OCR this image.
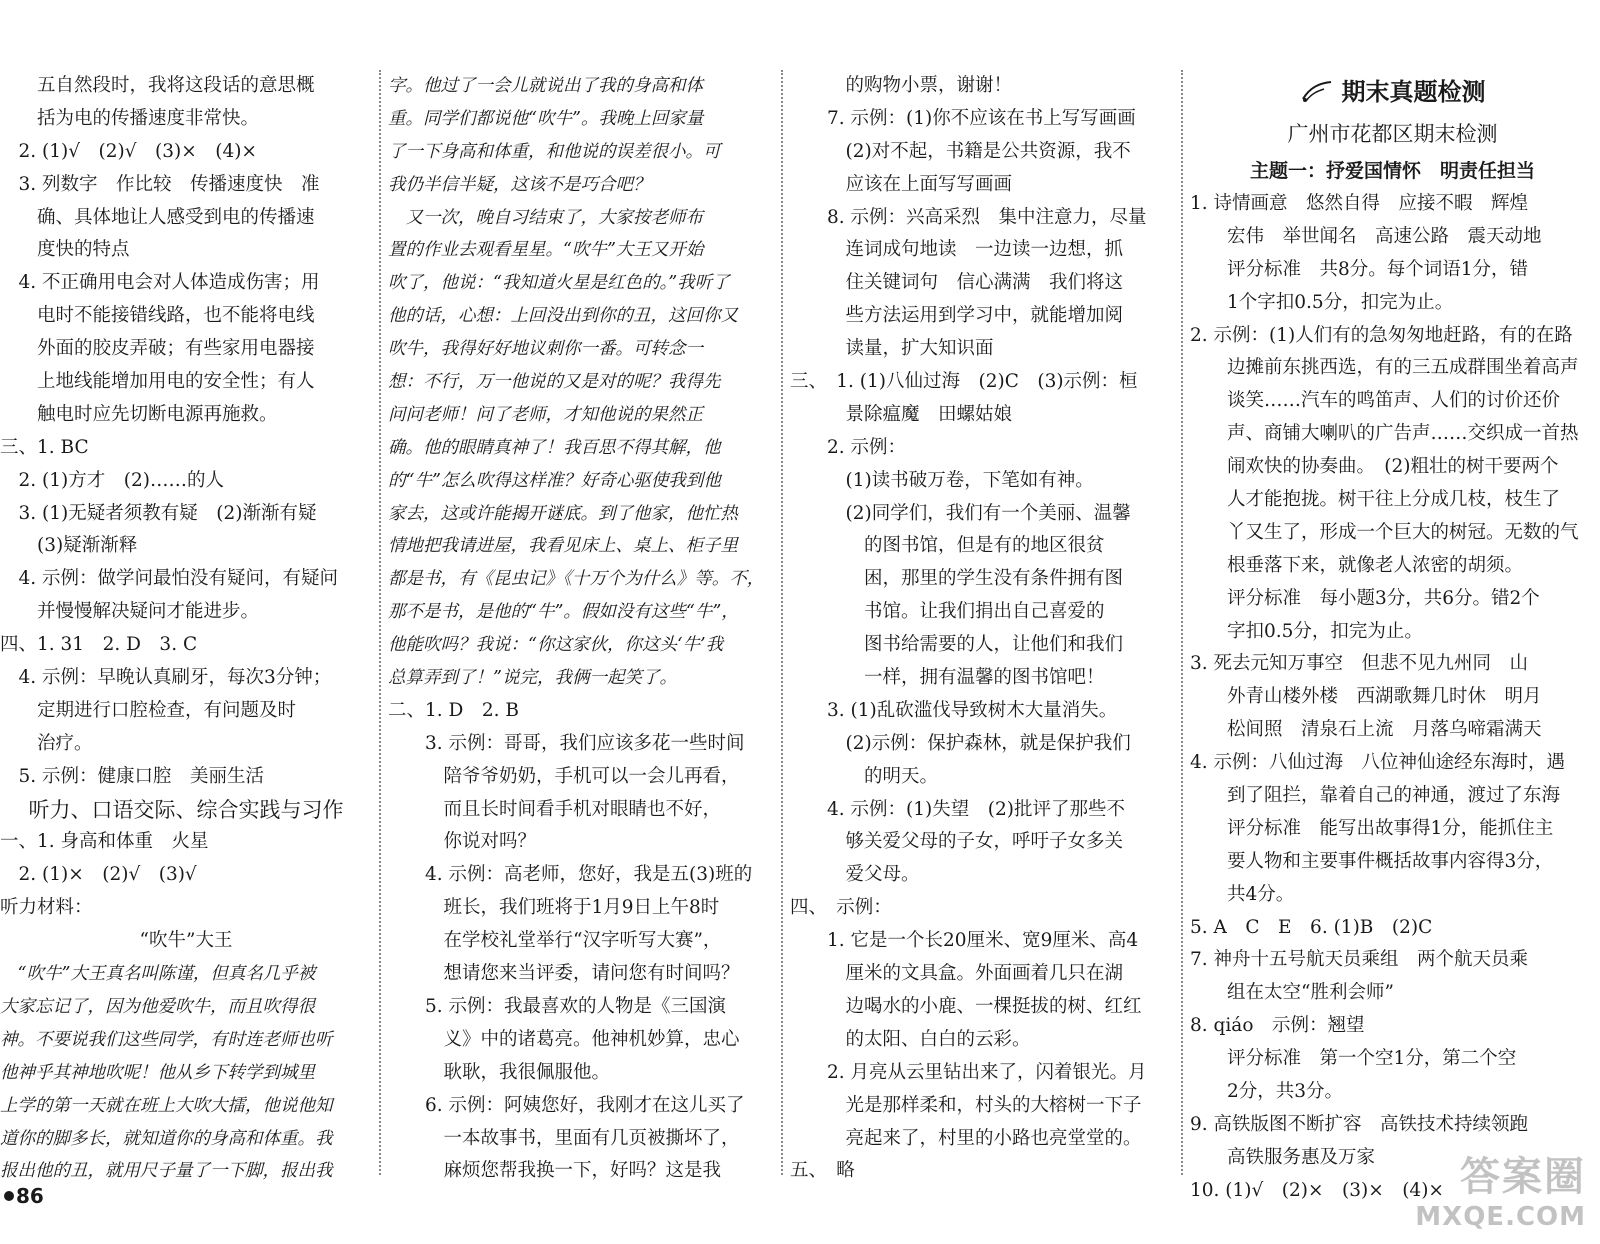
　　五自然段时，我将这段话的意思概
　　括为电的传播速度非常快。
　2. (1)√　(2)√　(3)×　(4)×
　3. 列数字　作比较　传播速度快　准
　　确、具体地让人感受到电的传播速
　　度快的特点
　4. 不正确用电会对人体造成伤害；用
　　电时不能接错线路，也不能将电线
　　外面的胶皮弄破；有些家用电器接
　　上地线能增加用电的安全性；有人
　　触电时应先切断电源再施救。
三、1. BC
　2. (1)方才　(2)……的人
　3. (1)无疑者须教有疑　(2)渐渐有疑
　　(3)疑渐渐释
　4. 示例：做学问最怕没有疑问，有疑问
　　并慢慢解决疑问才能进步。
四、1. 31　2. D　3. C
　4. 示例：早晚认真刷牙，每次3分钟；
　　定期进行口腔检查，有问题及时
　　治疗。
　5. 示例：健康口腔　美丽生活
听力、口语交际、综合实践与习作
一、1. 身高和体重　火星
　2. (1)×　(2)√　(3)√
听力材料：
“吹牛”大王
　“吹牛”大王真名叫陈谨，但真名几乎被
大家忘记了，因为他爱吹牛，而且吹得很
神。不要说我们这些同学，有时连老师也听
他神乎其神地吹呢！他从乡下转学到城里
上学的第一天就在班上大吹大擂，他说他知
道你的脚多长，就知道你的身高和体重。我
报出他的丑，就用尺子量了一下脚，报出我
字。他过了一会儿就说出了我的身高和体
重。同学们都说他“吹牛”。我晚上回家量
了一下身高和体重，和他说的误差很小。可
我仍半信半疑，这该不是巧合吧？
　又一次，晚自习结束了，大家按老师布
置的作业去观看星星。“吹牛”大王又开始
吹了，他说：“我知道火星是红色的。”我听了
他的话，心想：上回没出到你的丑，这回你又
吹牛，我得好好地议刺你一番。可转念一
想：不行，万一他说的又是对的呢？我得先
问问老师！问了老师，才知他说的果然正
确。他的眼睛真神了！我百思不得其解，他
的“牛”怎么吹得这样准？好奇心驱使我到他
家去，这或许能揭开谜底。到了他家，他忙热
情地把我请进屋，我看见床上、桌上、柜子里
都是书，有《昆虫记》《十万个为什么》等。不，
那不是书，是他的“牛”。假如没有这些“牛”，
他能吹吗？我说：“你这家伙，你这头‘牛’我
总算弄到了！”说完，我俩一起笑了。
二、1. D　2. B
　　3. 示例：哥哥，我们应该多花一些时间
　　　陪爷爷奶奶，手机可以一会儿再看，
　　　而且长时间看手机对眼睛也不好，
　　　你说对吗？
　　4. 示例：高老师，您好，我是五(3)班的
　　　班长，我们班将于1月9日上午8时
　　　在学校礼堂举行“汉字听写大赛”，
　　　想请您来当评委，请问您有时间吗？
　　5. 示例：我最喜欢的人物是《三国演
　　　义》中的诸葛亮。他神机妙算，忠心
　　　耿耿，我很佩服他。
　　6. 示例：阿姨您好，我刚才在这儿买了
　　　一本故事书，里面有几页被撕坏了，
　　　麻烦您帮我换一下，好吗？这是我
　　　的购物小票，谢谢！
　　7. 示例：(1)你不应该在书上写写画画
　　　(2)对不起，书籍是公共资源，我不
　　　应该在上面写写画画
　　8. 示例：兴高采烈　集中注意力，尽量
　　　连词成句地读　一边读一边想，抓
　　　住关键词句　信心满满　我们将这
　　　些方法运用到学习中，就能增加阅
　　　读量，扩大知识面
三、　1. (1)八仙过海　(2)C　(3)示例：桓
　　　景除瘟魔　田螺姑娘
　　2. 示例：
　　　(1)读书破万卷，下笔如有神。
　　　(2)同学们，我们有一个美丽、温馨
　　　　的图书馆，但是有的地区很贫
　　　　困，那里的学生没有条件拥有图
　　　　书馆。让我们捐出自己喜爱的
　　　　图书给需要的人，让他们和我们
　　　　一样，拥有温馨的图书馆吧！
　　3. (1)乱砍滥伐导致树木大量消失。
　　　(2)示例：保护森林，就是保护我们
　　　　的明天。
　　4. 示例：(1)失望　(2)批评了那些不
　　　够关爱父母的子女，呼吁子女多关
　　　爱父母。
四、　示例：
　　1. 它是一个长20厘米、宽9厘米、高4
　　　厘米的文具盒。外面画着几只在湖
　　　边喝水的小鹿、一棵挺拔的树、红红
　　　的太阳、白白的云彩。
　　2. 月亮从云里钻出来了，闪着银光。月
　　　光是那样柔和，村头的大榕树一下子
　　　亮起来了，村里的小路也亮堂堂的。
五、　略
期末真题检测
广州市花都区期末检测
主题一：抒爱国情怀　明责任担当
1. 诗情画意　悠然自得　应接不暇　辉煌
　　宏伟　举世闻名　高速公路　震天动地
　　评分标准　共8分。每个词语1分，错
　　1个字扣0.5分，扣完为止。
2. 示例：(1)人们有的急匆匆地赶路，有的在路
　　边摊前东挑西选，有的三五成群围坐着高声
　　谈笑……汽车的鸣笛声、人们的讨价还价
　　声、商铺大喇叭的广告声……交织成一首热
　　闹欢快的协奏曲。　(2)粗壮的树干要两个
　　人才能抱拢。树干往上分成几枝，枝生了
　　丫又生了，形成一个巨大的树冠。无数的气
　　根垂落下来，就像老人浓密的胡须。
　　评分标准　每小题3分，共6分。错2个
　　字扣0.5分，扣完为止。
3. 死去元知万事空　但悲不见九州同　山
　　外青山楼外楼　西湖歌舞几时休　明月
　　松间照　清泉石上流　月落乌啼霜满天
4. 示例：八仙过海　八位神仙途经东海时，遇
　　到了阻拦，靠着自己的神通，渡过了东海
　　评分标准　能写出故事得1分，能抓住主
　　要人物和主要事件概括故事内容得3分，
　　共4分。
5. A　C　E　6. (1)B　(2)C
7. 神舟十五号航天员乘组　两个航天员乘
　　组在太空“胜利会师”
8. qiáo　示例：翘望
　　评分标准　第一个空1分，第二个空
　　2分，共3分。
9. 高铁版图不断扩容　高铁技术持续领跑
　　高铁服务惠及万家
10. (1)√　(2)×　(3)×　(4)×
86	答案圈
MXQE.COM
